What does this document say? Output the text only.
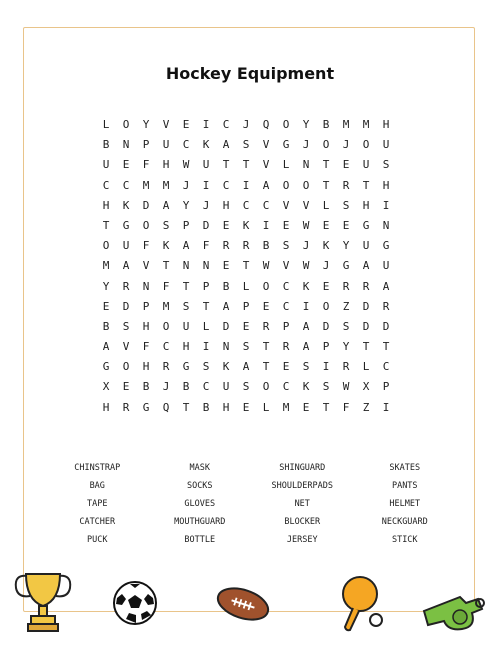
Hockey Equipment
L	O	Y	V	E	I	C	J	Q	O	Y	B	M	M	H
B	N	P	U	C	K	A	S	V	G	J	O	J	O	U
U	E	F	H	W	U	T	T	V	L	N	T	E	U	S
C	C	M	M	J	I	C	I	A	O	O	T	R	T	H
H	K	D	A	Y	J	H	C	C	V	V	L	S	H	I
T	G	O	S	P	D	E	K	I	E	W	E	E	G	N
O	U	F	K	A	F	R	R	B	S	J	K	Y	U	G
M	A	V	T	N	N	E	T	W	V	W	J	G	A	U
Y	R	N	F	T	P	B	L	O	C	K	E	R	R	A
E	D	P	M	S	T	A	P	E	C	I	O	Z	D	R
B	S	H	O	U	L	D	E	R	P	A	D	S	D	D
A	V	F	C	H	I	N	S	T	R	A	P	Y	T	T
G	O	H	R	G	S	K	A	T	E	S	I	R	L	C
X	E	B	J	B	C	U	S	O	C	K	S	W	X	P
H	R	G	Q	T	B	H	E	L	M	E	T	F	Z	I
CHINSTRAP	MASK	SHINGUARD	SKATES
BAG	SOCKS	SHOULDERPADS	PANTS
TAPE	GLOVES	NET	HELMET
CATCHER	MOUTHGUARD	BLOCKER	NECKGUARD
PUCK	BOTTLE	JERSEY	STICK
